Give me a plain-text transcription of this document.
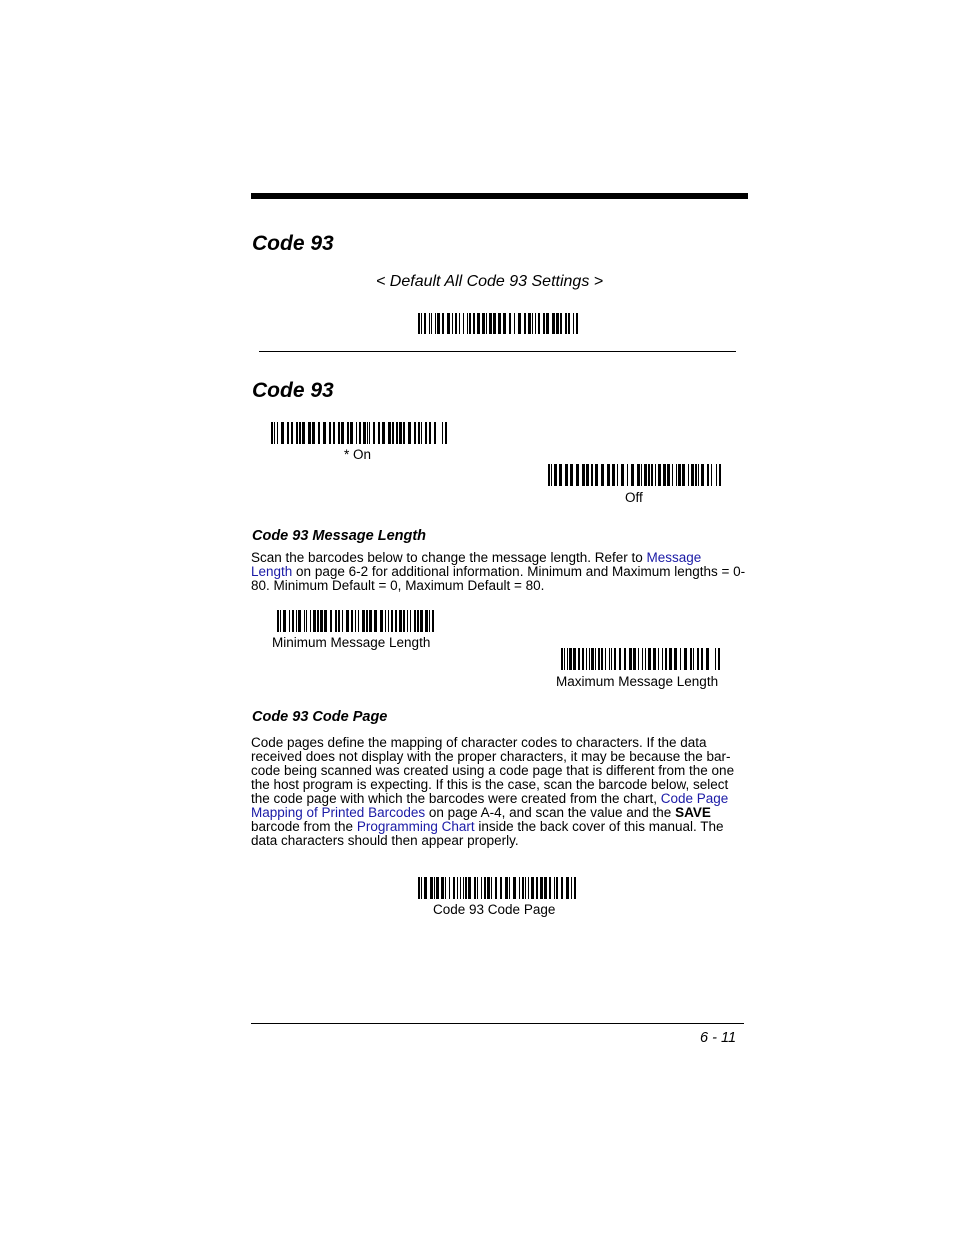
Code 93
< Default All Code 93 Settings >
Code 93
* On
Off
Code 93 Message Length
Scan the barcodes below to change the message length. Refer to Message Length on page 6-2 for additional information. Minimum and Maximum lengths = 0-80. Minimum Default = 0, Maximum Default = 80.
Minimum Message Length
Maximum Message Length
Code 93 Code Page
Code pages define the mapping of character codes to characters. If the data received does not display with the proper characters, it may be because the bar-code being scanned was created using a code page that is different from the one the host program is expecting. If this is the case, scan the barcode below, select the code page with which the barcodes were created from the chart, Code Page Mapping of Printed Barcodes on page A-4, and scan the value and the SAVE barcode from the Programming Chart inside the back cover of this manual. The data characters should then appear properly.
Code 93 Code Page
6 - 11
